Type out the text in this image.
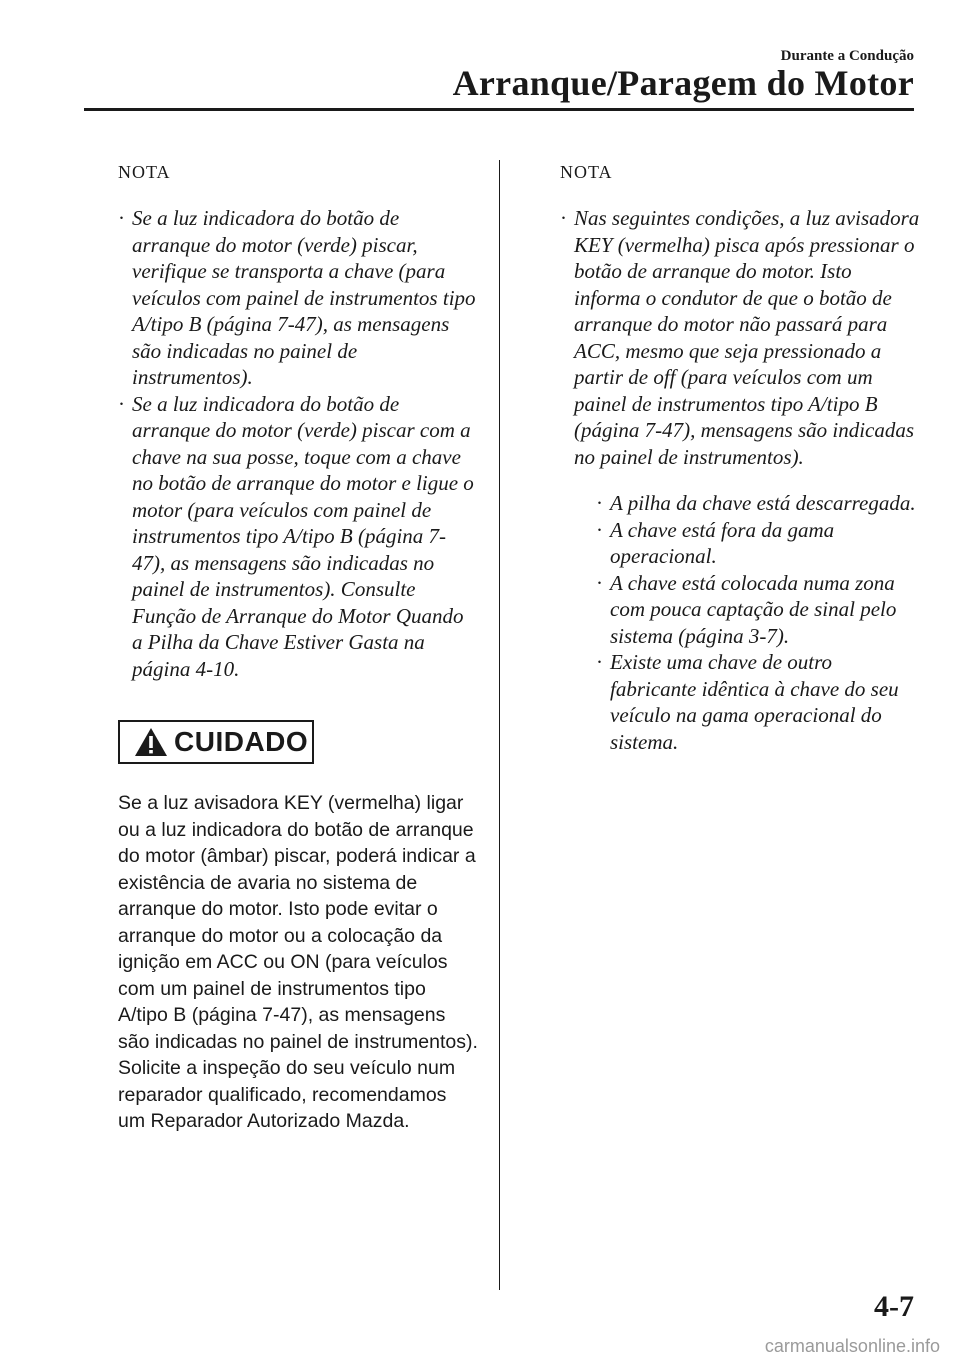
Durante a Condução
Arranque/Paragem do Motor
NOTA
· Se a luz indicadora do botão de arranque do motor (verde) piscar, verifique se transporta a chave (para veículos com painel de instrumentos tipo A/tipo B (página 7-47), as mensagens são indicadas no painel de instrumentos).
· Se a luz indicadora do botão de arranque do motor (verde) piscar com a chave na sua posse, toque com a chave no botão de arranque do motor e ligue o motor (para veículos com painel de instrumentos tipo A/tipo B (página 7-47), as mensagens são indicadas no painel de instrumentos). Consulte Função de Arranque do Motor Quando a Pilha da Chave Estiver Gasta na página 4-10.
CUIDADO
Se a luz avisadora KEY (vermelha) ligar ou a luz indicadora do botão de arranque do motor (âmbar) piscar, poderá indicar a existência de avaria no sistema de arranque do motor. Isto pode evitar o arranque do motor ou a colocação da ignição em ACC ou ON (para veículos com um painel de instrumentos tipo A/tipo B (página 7-47), as mensagens são indicadas no painel de instrumentos). Solicite a inspeção do seu veículo num reparador qualificado, recomendamos um Reparador Autorizado Mazda.
NOTA
· Nas seguintes condições, a luz avisadora KEY (vermelha) pisca após pressionar o botão de arranque do motor. Isto informa o condutor de que o botão de arranque do motor não passará para ACC, mesmo que seja pressionado a partir de off (para veículos com um painel de instrumentos tipo A/tipo B (página 7-47), mensagens são indicadas no painel de instrumentos).
· A pilha da chave está descarregada.
· A chave está fora da gama operacional.
· A chave está colocada numa zona com pouca captação de sinal pelo sistema (página 3-7).
· Existe uma chave de outro fabricante idêntica à chave do seu veículo na gama operacional do sistema.
4-7
carmanualsonline.info
